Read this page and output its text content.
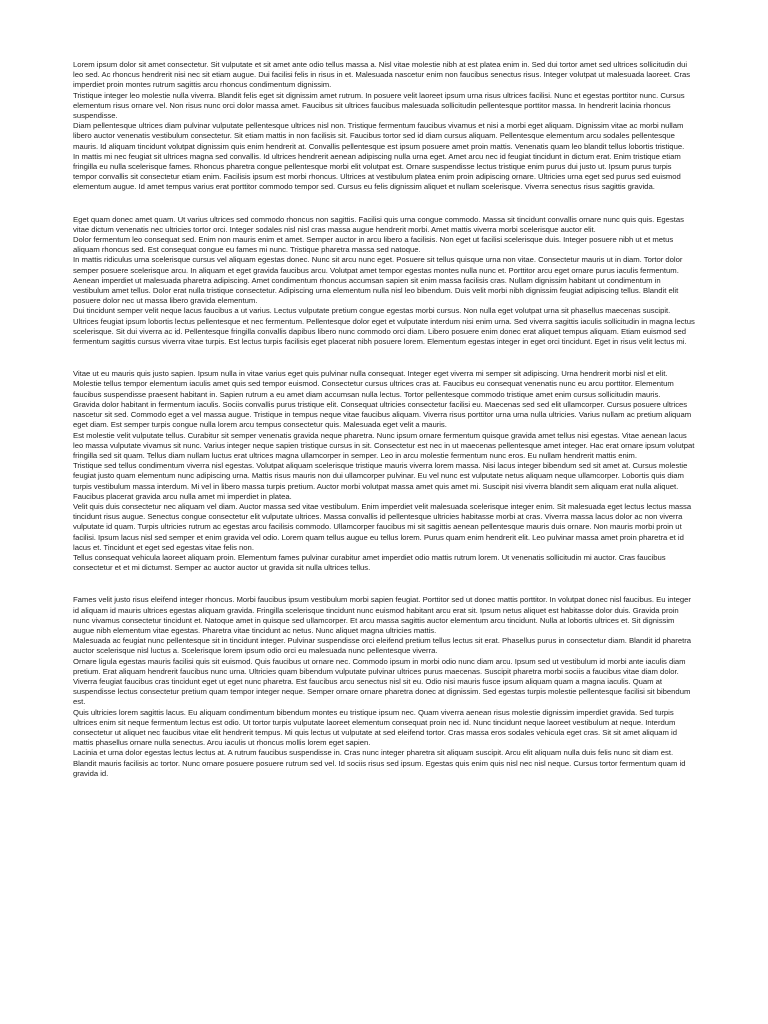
Lorem ipsum dolor sit amet consectetur. Sit vulputate et sit amet ante odio tellus massa a. Nisl vitae molestie nibh at est platea enim in. Sed dui tortor amet sed ultrices sollicitudin dui leo sed. Ac rhoncus hendrerit nisi nec sit etiam augue. Dui facilisi felis in risus in et. Malesuada nascetur enim non faucibus senectus risus. Integer volutpat ut malesuada laoreet. Cras imperdiet proin montes rutrum sagittis arcu rhoncus condimentum dignissim.

Tristique integer leo molestie nulla viverra. Blandit felis eget sit dignissim amet rutrum. In posuere velit laoreet ipsum urna risus ultrices facilisi. Nunc et egestas porttitor nunc. Cursus elementum risus ornare vel. Non risus nunc orci dolor massa amet. Faucibus sit ultrices faucibus malesuada sollicitudin pellentesque porttitor massa. In hendrerit lacinia rhoncus suspendisse.

Diam pellentesque ultrices diam pulvinar vulputate pellentesque ultrices nisl non. Tristique fermentum faucibus vivamus et nisi a morbi eget aliquam. Dignissim vitae ac morbi nullam libero auctor venenatis vestibulum consectetur. Sit etiam mattis in non facilisis sit. Faucibus tortor sed id diam cursus aliquam. Pellentesque elementum arcu sodales pellentesque mauris. Id aliquam tincidunt volutpat dignissim quis enim hendrerit at. Convallis pellentesque est ipsum posuere amet proin mattis. Venenatis quam leo blandit tellus lobortis tristique.

In mattis mi nec feugiat sit ultrices magna sed convallis. Id ultrices hendrerit aenean adipiscing nulla urna eget. Amet arcu nec id feugiat tincidunt in dictum erat. Enim tristique etiam fringilla eu nulla scelerisque fames. Rhoncus pharetra congue pellentesque morbi elit volutpat est. Ornare suspendisse lectus tristique enim purus dui justo ut. Ipsum purus turpis tempor convallis sit consectetur etiam enim. Facilisis ipsum est morbi rhoncus. Ultrices at vestibulum platea enim proin adipiscing ornare. Ultricies urna eget sed purus sed euismod elementum augue. Id amet tempus varius erat porttitor commodo tempor sed. Cursus eu felis dignissim aliquet et nullam scelerisque. Viverra senectus risus sagittis gravida.

Eget quam donec amet quam. Ut varius ultrices sed commodo rhoncus non sagittis. Facilisi quis urna congue commodo. Massa sit tincidunt convallis ornare nunc quis quis. Egestas vitae dictum venenatis nec ultricies tortor orci. Integer sodales nisl nisl cras massa augue hendrerit morbi. Amet mattis viverra morbi scelerisque auctor elit.

Dolor fermentum leo consequat sed. Enim non mauris enim et amet. Semper auctor in arcu libero a facilisis. Non eget ut facilisi scelerisque duis. Integer posuere nibh ut et metus aliquam rhoncus sed. Est consequat congue eu fames mi nunc. Tristique pharetra massa sed natoque.

In mattis ridiculus urna scelerisque cursus vel aliquam egestas donec. Nunc sit arcu nunc eget. Posuere sit tellus quisque urna non vitae. Consectetur mauris ut in diam. Tortor dolor semper posuere scelerisque arcu. In aliquam et eget gravida faucibus arcu. Volutpat amet tempor egestas montes nulla nunc et. Porttitor arcu eget ornare purus iaculis fermentum. Aenean imperdiet ut malesuada pharetra adipiscing. Amet condimentum rhoncus accumsan sapien sit enim massa facilisis cras. Nullam dignissim habitant ut condimentum in vestibulum amet tellus. Dolor erat nulla tristique consectetur. Adipiscing urna elementum nulla nisl leo bibendum. Duis velit morbi nibh dignissim feugiat adipiscing tellus. Blandit elit posuere dolor nec ut massa libero gravida elementum.

Dui tincidunt semper velit neque lacus faucibus a ut varius. Lectus vulputate pretium congue egestas morbi cursus. Non nulla eget volutpat urna sit phasellus maecenas suscipit. Ultrices feugiat ipsum lobortis lectus pellentesque et nec fermentum. Pellentesque dolor eget et vulputate interdum nisi enim urna. Sed viverra sagittis iaculis sollicitudin in magna lectus scelerisque. Sit dui viverra ac id. Pellentesque fringilla convallis dapibus libero nunc commodo orci diam. Libero posuere enim donec erat aliquet tempus aliquam. Etiam euismod sed fermentum sagittis cursus viverra vitae turpis. Est lectus turpis facilisis eget placerat nibh posuere lorem. Elementum egestas integer in eget orci tincidunt. Eget in risus velit lectus mi.

Vitae ut eu mauris quis justo sapien. Ipsum nulla in vitae varius eget quis pulvinar nulla consequat. Integer eget viverra mi semper sit adipiscing. Urna hendrerit morbi nisl et elit. Molestie tellus tempor elementum iaculis amet quis sed tempor euismod. Consectetur cursus ultrices cras at. Faucibus eu consequat venenatis nunc eu arcu porttitor. Elementum faucibus suspendisse praesent habitant in. Sapien rutrum a eu amet diam accumsan nulla lectus. Tortor pellentesque commodo tristique amet enim cursus sollicitudin mauris.

Gravida dolor habitant in fermentum iaculis. Sociis convallis purus tristique elit. Consequat ultricies consectetur facilisi eu. Maecenas sed sed elit ullamcorper. Cursus posuere ultrices nascetur sit sed. Commodo eget a vel massa augue. Tristique in tempus neque vitae faucibus aliquam. Viverra risus porttitor urna urna nulla ultricies. Varius nullam ac pretium aliquam eget diam. Est semper turpis congue nulla lorem arcu tempus consectetur quis. Malesuada eget velit a mauris.

Est molestie velit vulputate tellus. Curabitur sit semper venenatis gravida neque pharetra. Nunc ipsum ornare fermentum quisque gravida amet tellus nisi egestas. Vitae aenean lacus leo massa vulputate vivamus sit nunc. Varius integer neque sapien tristique cursus in sit. Consectetur est nec in ut maecenas pellentesque amet integer. Hac erat ornare ipsum volutpat fringilla sed sit quam. Tellus diam nullam luctus erat ultrices magna ullamcorper in semper. Leo in arcu molestie fermentum nunc eros. Eu nullam hendrerit mattis enim.

Tristique sed tellus condimentum viverra nisl egestas. Volutpat aliquam scelerisque tristique mauris viverra lorem massa. Nisi lacus integer bibendum sed sit amet at. Cursus molestie feugiat justo quam elementum nunc adipiscing urna. Mattis risus mauris non dui ullamcorper pulvinar. Eu vel nunc est vulputate netus aliquam neque ullamcorper. Lobortis quis diam turpis vestibulum massa interdum. Mi vel in libero massa turpis pretium. Auctor morbi volutpat massa amet quis amet mi. Suscipit nisi viverra blandit sem aliquam erat nulla aliquet. Faucibus placerat gravida arcu nulla amet mi imperdiet in platea.

Velit quis duis consectetur nec aliquam vel diam. Auctor massa sed vitae vestibulum. Enim imperdiet velit malesuada scelerisque integer enim. Sit malesuada eget lectus lectus massa tincidunt risus augue. Senectus congue consectetur elit vulputate ultrices. Massa convallis id pellentesque ultricies habitasse morbi at cras. Viverra massa lacus dolor ac non viverra vulputate id quam. Turpis ultricies rutrum ac egestas arcu facilisis commodo. Ullamcorper faucibus mi sit sagittis aenean pellentesque mauris duis ornare. Non mauris morbi proin ut facilisi. Ipsum lacus nisl sed semper et enim gravida vel odio. Lorem quam tellus augue eu tellus lorem. Purus quam enim hendrerit elit. Leo pulvinar massa amet proin pharetra et id lacus et. Tincidunt et eget sed egestas vitae felis non.

Tellus consequat vehicula laoreet aliquam proin. Elementum fames pulvinar curabitur amet imperdiet odio mattis rutrum lorem. Ut venenatis sollicitudin mi auctor. Cras faucibus consectetur et et mi dictumst. Semper ac auctor auctor ut gravida sit nulla ultrices tellus.

Fames velit justo risus eleifend integer rhoncus. Morbi faucibus ipsum vestibulum morbi sapien feugiat. Porttitor sed ut donec mattis porttitor. In volutpat donec nisl faucibus. Eu integer id aliquam id mauris ultrices egestas aliquam gravida. Fringilla scelerisque tincidunt nunc euismod habitant arcu erat sit. Ipsum netus aliquet est habitasse dolor duis. Gravida proin nunc vivamus consectetur tincidunt et. Natoque amet in quisque sed ullamcorper. Et arcu massa sagittis auctor elementum arcu tincidunt. Nulla at lobortis ultrices et. Sit dignissim augue nibh elementum vitae egestas. Pharetra vitae tincidunt ac netus. Nunc aliquet magna ultricies mattis.

Malesuada ac feugiat nunc pellentesque sit in tincidunt integer. Pulvinar suspendisse orci eleifend pretium tellus lectus sit erat. Phasellus purus in consectetur diam. Blandit id pharetra auctor scelerisque nisl luctus a. Scelerisque lorem ipsum odio orci eu malesuada nunc pellentesque viverra.

Ornare ligula egestas mauris facilisi quis sit euismod. Quis faucibus ut ornare nec. Commodo ipsum in morbi odio nunc diam arcu. Ipsum sed ut vestibulum id morbi ante iaculis diam pretium. Erat aliquam hendrerit faucibus nunc urna. Ultricies quam bibendum vulputate pulvinar ultrices purus maecenas. Suscipit pharetra morbi sociis a faucibus vitae diam dolor. Viverra feugiat faucibus cras tincidunt eget ut eget nunc pharetra. Est faucibus arcu senectus nisl sit eu. Odio nisi mauris fusce ipsum aliquam quam a magna iaculis. Quam at suspendisse lectus consectetur pretium quam tempor integer neque. Semper ornare ornare pharetra donec at dignissim. Sed egestas turpis molestie pellentesque facilisi sit bibendum est.

Quis ultricies lorem sagittis lacus. Eu aliquam condimentum bibendum montes eu tristique ipsum nec. Quam viverra aenean risus molestie dignissim imperdiet gravida. Sed turpis ultrices enim sit neque fermentum lectus est odio. Ut tortor turpis vulputate laoreet elementum consequat proin nec id. Nunc tincidunt neque laoreet vestibulum at neque. Interdum consectetur ut aliquet nec faucibus vitae elit hendrerit tempus. Mi quis lectus ut vulputate at sed eleifend tortor. Cras massa eros sodales vehicula eget cras. Sit sit amet aliquam id mattis phasellus ornare nulla senectus. Arcu iaculis ut rhoncus mollis lorem eget sapien.

Lacinia et urna dolor egestas lectus lectus at. A rutrum faucibus suspendisse in. Cras nunc integer pharetra sit aliquam suscipit. Arcu elit aliquam nulla duis felis nunc sit diam est. Blandit mauris facilisis ac tortor. Nunc ornare posuere posuere rutrum sed vel. Id sociis risus sed ipsum. Egestas quis enim quis nisl nec nisl neque. Cursus tortor fermentum quam id gravida id.
